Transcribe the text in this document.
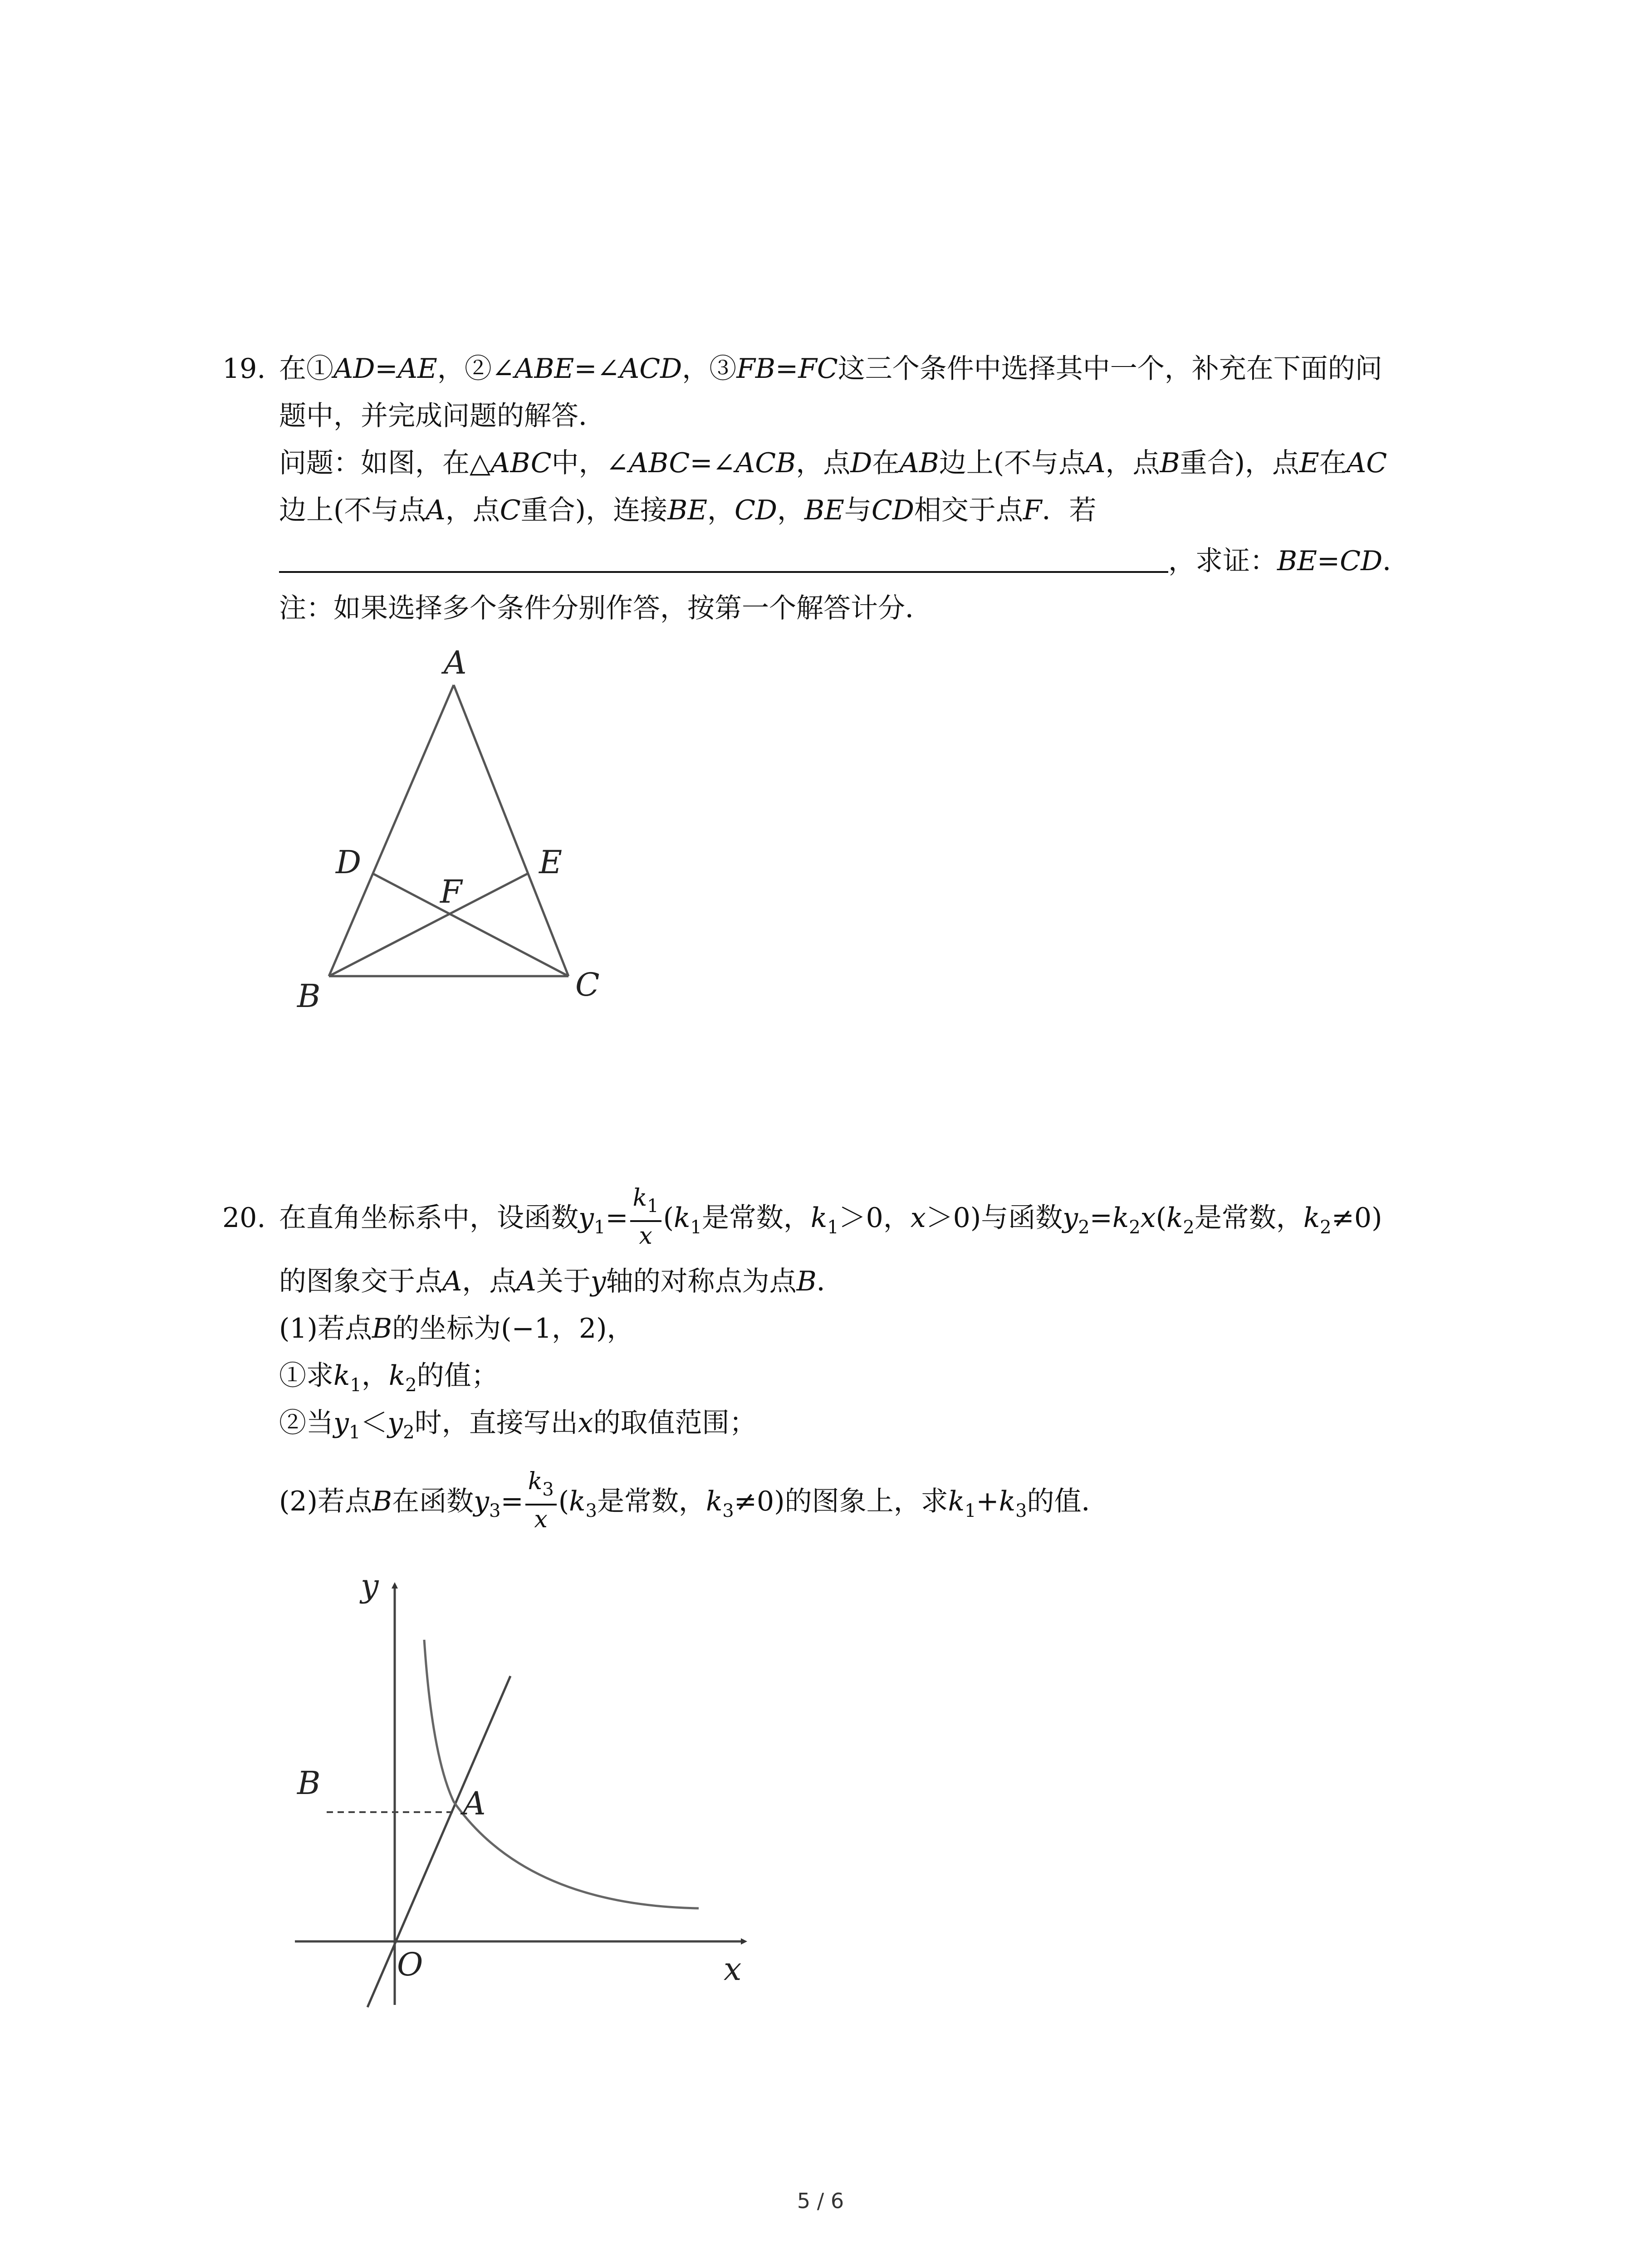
19. 在①AD=AE，②∠ABE=∠ACD，③FB=FC这三个条件中选择其中一个，补充在下面的问
题中，并完成问题的解答．
问题：如图，在△ABC中，∠ABC=∠ACB，点D在AB边上(不与点A，点B重合)，点E在AC
边上(不与点A，点C重合)，连接BE，CD，BE与CD相交于点F．若
，求证：BE=CD．
注：如果选择多个条件分别作答，按第一个解答计分．
A
B	C
D	E
F
20. 在直角坐标系中，设函数$y_1= \frac{k_1}{x} (k_1$是常数，$k_1>0$，x＞0)与函数$y_2=k_2x(k_2$是常数，$k_2\ne 0$)
的图象交于点A，点A关于y轴的对称点为点B．
(1)若点B的坐标为(−1，2)，
①求$k_1$，$k_2$的值；
②当$y_1<y_2$时，直接写出x的取值范围；
(2)若点B在函数$y_3= \frac{k_3}{x} (k_3$是常数，$k_3\ne 0$)的图象上，求$k_1+k_3$的值．
y
x
O
A
B
5 / 6
